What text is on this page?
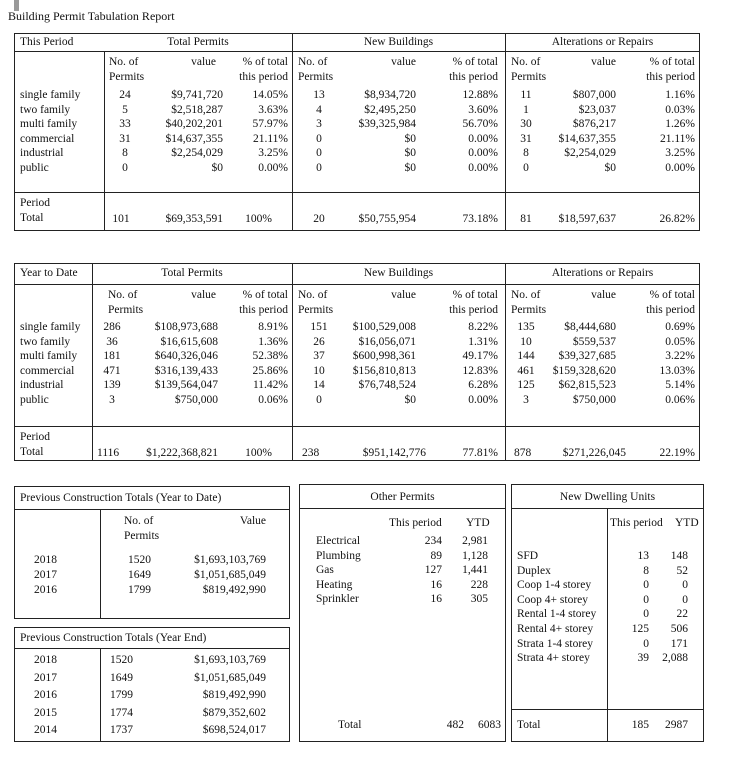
Building Permit Tabulation Report
This Period	Total Permits	New Buildings	Alterations or Repairs
No. of
Permits
value	% of total
this period
No. of
Permits
value	% of total
this period
No. of
Permits
value	% of total
this period
single family	24	$9,741,720	14.05%	13	$8,934,720	12.88%	11	$807,000	1.16%
two family	5	$2,518,287	3.63%	4	$2,495,250	3.60%	1	$23,037	0.03%
multi family	33	$40,202,201	57.97%	3	$39,325,984	56.70%	30	$876,217	1.26%
commercial	31	$14,637,355	21.11%	0	$0	0.00%	31	$14,637,355	21.11%
industrial	8	$2,254,029	3.25%	0	$0	0.00%	8	$2,254,029	3.25%
public	0	$0	0.00%	0	$0	0.00%	0	$0	0.00%
Period
Total	101	$69,353,591	100%	20	$50,755,954	73.18%	81	$18,597,637	26.82%
Year to Date	Total Permits	New Buildings	Alterations or Repairs
No. of
Permits
value	% of total
this period
No. of
Permits
value	% of total
this period
No. of
Permits
value	% of total
this period
single family	286	$108,973,688	8.91%	151	$100,529,008	8.22%	135	$8,444,680	0.69%
two family	36	$16,615,608	1.36%	26	$16,056,071	1.31%	10	$559,537	0.05%
multi family	181	$640,326,046	52.38%	37	$600,998,361	49.17%	144	$39,327,685	3.22%
commercial	471	$316,139,433	25.86%	10	$156,810,813	12.83%	461	$159,328,620	13.03%
industrial	139	$139,564,047	11.42%	14	$76,748,524	6.28%	125	$62,815,523	5.14%
public	3	$750,000	0.06%	0	$0	0.00%	3	$750,000	0.06%
Period
Total	1116	$1,222,368,821	100%	238	$951,142,776	77.81% 878	$271,226,045	22.19%
Previous Construction Totals (Year to Date)
No. of
Permits
Value
2018	1520	$1,693,103,769
2017	1649	$1,051,685,049
2016	1799	$819,492,990
Previous Construction Totals (Year End)
2018	1520	$1,693,103,769
2017	1649	$1,051,685,049
2016	1799	$819,492,990
2015	1774	$879,352,602
2014	1737	$698,524,017
Other Permits
This period YTD
Electrical	234	2,981
Plumbing	89	1,128
Gas	127	1,441
Heating	16	228
Sprinkler	16	305
Total	482	6083
New Dwelling Units
This period YTD
SFD	13	148
Duplex	8	52
Coop 1-4 storey	0	0
Coop 4+ storey	0	0
Rental 1-4 storey	0	22
Rental 4+ storey	125	506
Strata 1-4 storey	0	171
Strata 4+ storey	39	2,088
Total	185	2987
